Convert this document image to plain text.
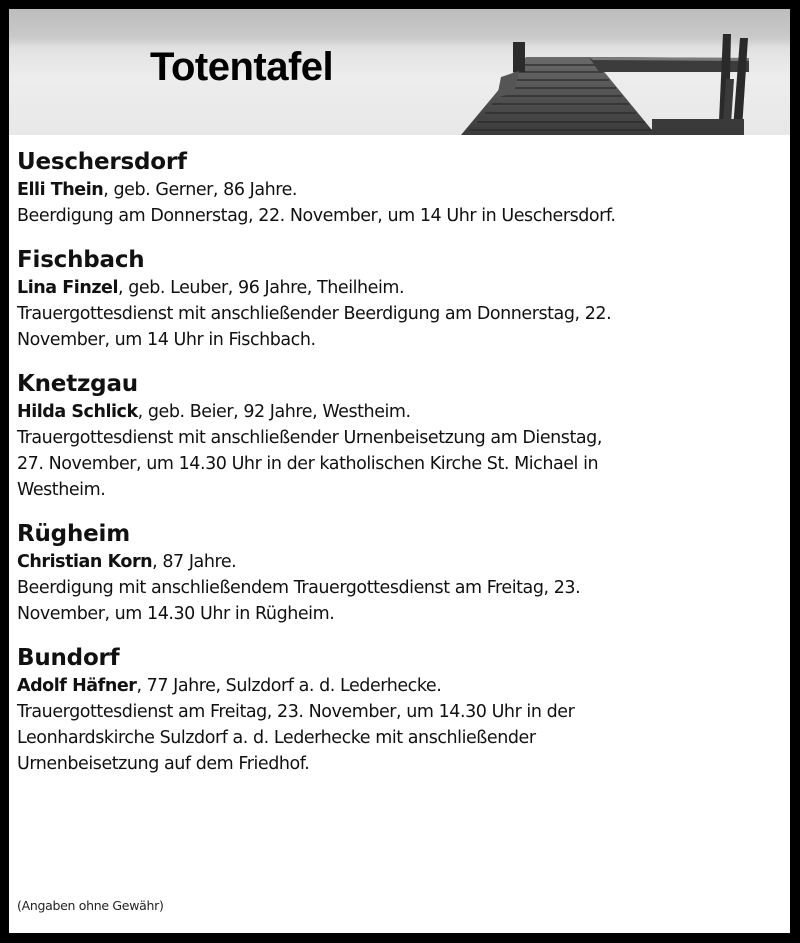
Totentafel

Ueschersdorf

Elli Thein, geb. Gerner, 86 Jahre.

Beerdigung am Donnerstag, 22. November, um 14 Uhr in Ueschersdorf.

Fischbach

Lina Finzel, geb. Leuber, 96 Jahre, Theilheim.

Trauergottesdienst mit anschließender Beerdigung am Donnerstag, 22.

November, um 14 Uhr in Fischbach.

Knetzgau

Hilda Schlick, geb. Beier, 92 Jahre, Westheim.

Trauergottesdienst mit anschließender Urnenbeisetzung am Dienstag,

27. November, um 14.30 Uhr in der katholischen Kirche St. Michael in

Westheim.

Rügheim

Christian Korn, 87 Jahre.

Beerdigung mit anschließendem Trauergottesdienst am Freitag, 23.

November, um 14.30 Uhr in Rügheim.

Bundorf

Adolf Häfner, 77 Jahre, Sulzdorf a. d. Lederhecke.

Trauergottesdienst am Freitag, 23. November, um 14.30 Uhr in der

Leonhardskirche Sulzdorf a. d. Lederhecke mit anschließender

Urnenbeisetzung auf dem Friedhof.

(Angaben ohne Gewähr)
